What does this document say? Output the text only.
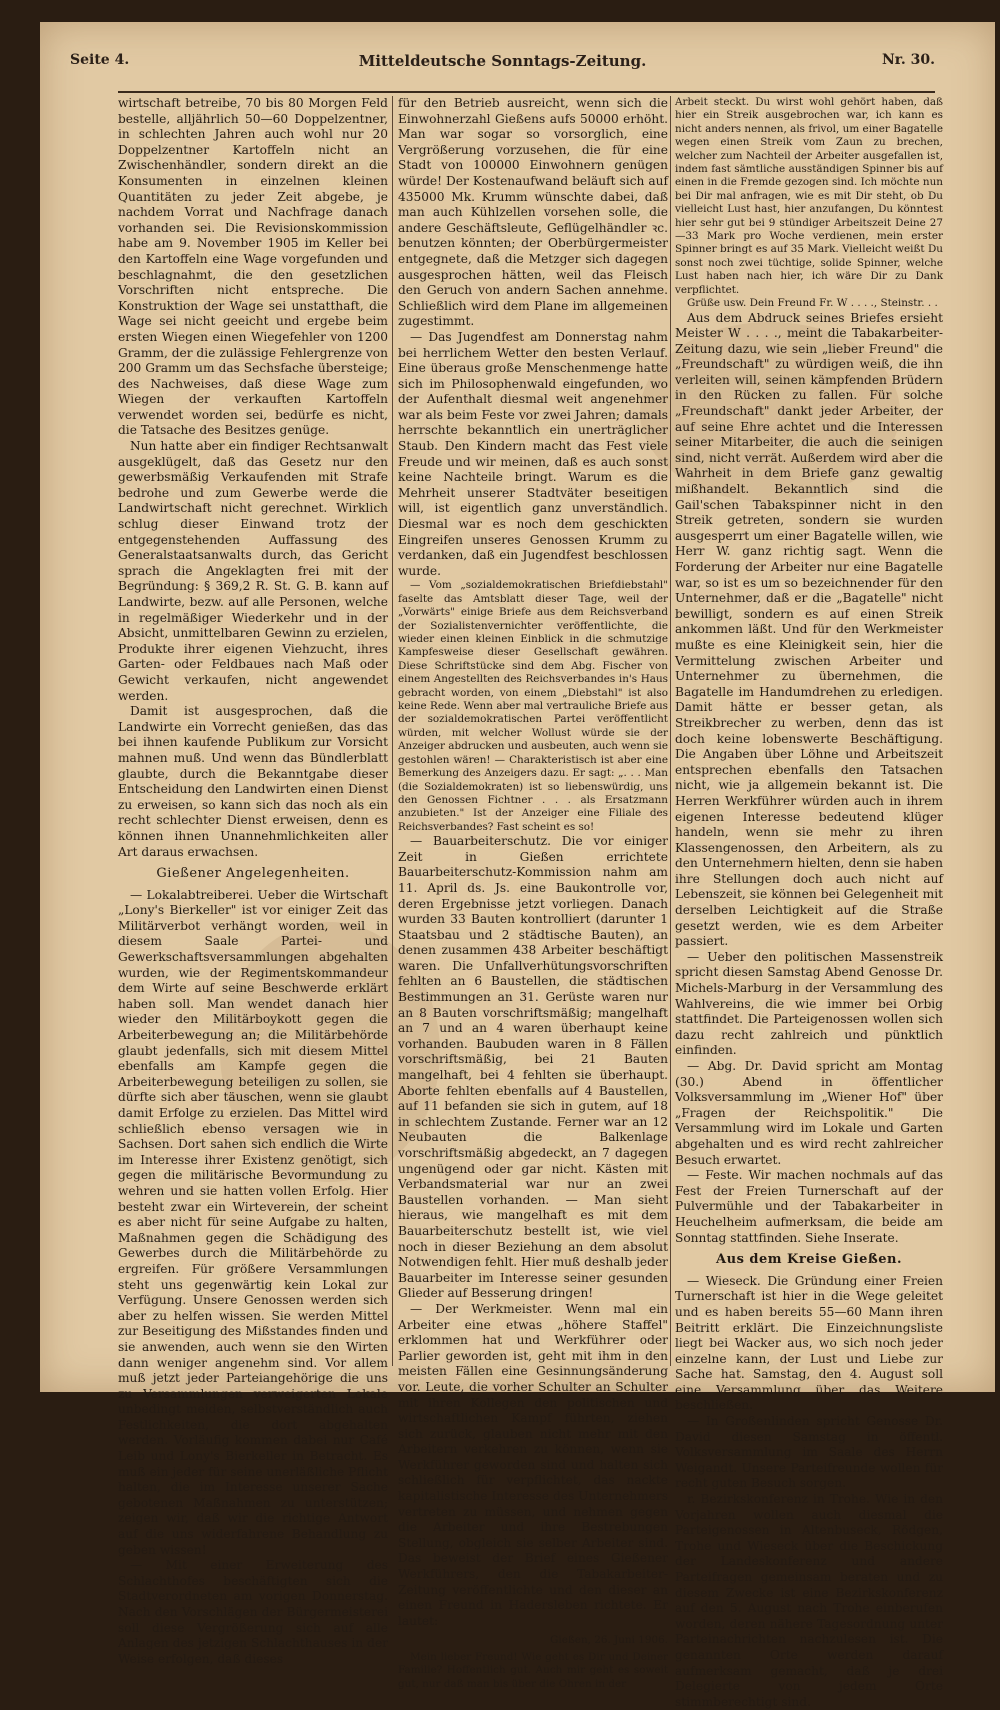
Seite 4.	Mitteldeutsche Sonntags-Zeitung.	Nr. 30.

wirtschaft betreibe, 70 bis 80 Morgen Feld bestelle, alljährlich 50—60 Doppelzentner, in schlechten Jahren auch wohl nur 20 Doppelzentner Kartoffeln nicht an Zwischenhändler, sondern direkt an die Konsumenten in einzelnen kleinen Quantitäten zu jeder Zeit abgebe, je nachdem Vorrat und Nachfrage danach vorhanden sei. Die Revisionskommission habe am 9. November 1905 im Keller bei den Kartoffeln eine Wage vorgefunden und beschlagnahmt, die den gesetzlichen Vorschriften nicht entspreche. Die Konstruktion der Wage sei unstatthaft, die Wage sei nicht geeicht und ergebe beim ersten Wiegen einen Wiegefehler von 1200 Gramm, der die zulässige Fehlergrenze von 200 Gramm um das Sechsfache übersteige; des Nachweises, daß diese Wage zum Wiegen der verkauften Kartoffeln verwendet worden sei, bedürfe es nicht, die Tatsache des Besitzes genüge.

Nun hatte aber ein findiger Rechtsanwalt ausgeklügelt, daß das Gesetz nur den gewerbsmäßig Verkaufenden mit Strafe bedrohe und zum Gewerbe werde die Landwirtschaft nicht gerechnet. Wirklich schlug dieser Einwand trotz der entgegenstehenden Auffassung des Generalstaatsanwalts durch, das Gericht sprach die Angeklagten frei mit der Begründung: § 369,2 R. St. G. B. kann auf Landwirte, bezw. auf alle Personen, welche in regelmäßiger Wiederkehr und in der Absicht, unmittelbaren Gewinn zu erzielen, Produkte ihrer eigenen Viehzucht, ihres Garten- oder Feldbaues nach Maß oder Gewicht verkaufen, nicht angewendet werden.

Damit ist ausgesprochen, daß die Landwirte ein Vorrecht genießen, das das bei ihnen kaufende Publikum zur Vorsicht mahnen muß. Und wenn das Bündlerblatt glaubte, durch die Bekanntgabe dieser Entscheidung den Landwirten einen Dienst zu erweisen, so kann sich das noch als ein recht schlechter Dienst erweisen, denn es können ihnen Unannehmlichkeiten aller Art daraus erwachsen.

Gießener Angelegenheiten.

— Lokalabtreiberei. Ueber die Wirtschaft „Lony's Bierkeller" ist vor einiger Zeit das Militärverbot verhängt worden, weil in diesem Saale Partei- und Gewerkschaftsversammlungen abgehalten wurden, wie der Regimentskommandeur dem Wirte auf seine Beschwerde erklärt haben soll. Man wendet danach hier wieder den Militärboykott gegen die Arbeiterbewegung an; die Militärbehörde glaubt jedenfalls, sich mit diesem Mittel ebenfalls am Kampfe gegen die Arbeiterbewegung beteiligen zu sollen, sie dürfte sich aber täuschen, wenn sie glaubt damit Erfolge zu erzielen. Das Mittel wird schließlich ebenso versagen wie in Sachsen. Dort sahen sich endlich die Wirte im Interesse ihrer Existenz genötigt, sich gegen die militärische Bevormundung zu wehren und sie hatten vollen Erfolg. Hier besteht zwar ein Wirteverein, der scheint es aber nicht für seine Aufgabe zu halten, Maßnahmen gegen die Schädigung des Gewerbes durch die Militärbehörde zu ergreifen. Für größere Versammlungen steht uns gegenwärtig kein Lokal zur Verfügung. Unsere Genossen werden sich aber zu helfen wissen. Sie werden Mittel zur Beseitigung des Mißstandes finden und sie anwenden, auch wenn sie den Wirten dann weniger angenehm sind. Vor allem muß jetzt jeder Parteiangehörige die uns zu Versammlungen verweigerten Lokale unbedingt meiden, selbstverständlich auch Festlichkeiten, die dort abgehalten werden. Vorläufig kommen dabei nur Café Leib und Lony's Bierkeller in Betracht. Es muß ein jeder für seine unerläßliche Pflicht halten, die im Interesse unserer Sache gebotenen Maßnahmen zu unterstützen; zeigen wir, daß wir die richtige Antwort auf die uns widerfahrene Behandlung zu geben wissen!

— Mit einer Erweiterung des Schlachthofes beschäftigten sich die Stadtverordneten am vorigen Donnerstag. Nach den Vorschlägen der Bürgermeisterei soll diese Vergrößerung sich auf alle Anlagen des jetzigen Schlachthauses in der Weise erfolgen, daß dieses

für den Betrieb ausreicht, wenn sich die Einwohnerzahl Gießens aufs 50000 erhöht. Man war sogar so vorsorglich, eine Vergrößerung vorzusehen, die für eine Stadt von 100000 Einwohnern genügen würde! Der Kostenaufwand beläuft sich auf 435000 Mk. Krumm wünschte dabei, daß man auch Kühlzellen vorsehen solle, die andere Geschäftsleute, Geflügelhändler ꝛc. benutzen könnten; der Oberbürgermeister entgegnete, daß die Metzger sich dagegen ausgesprochen hätten, weil das Fleisch den Geruch von andern Sachen annehme. Schließlich wird dem Plane im allgemeinen zugestimmt.

— Das Jugendfest am Donnerstag nahm bei herrlichem Wetter den besten Verlauf. Eine überaus große Menschenmenge hatte sich im Philosophenwald eingefunden, wo der Aufenthalt diesmal weit angenehmer war als beim Feste vor zwei Jahren; damals herrschte bekanntlich ein unerträglicher Staub. Den Kindern macht das Fest viele Freude und wir meinen, daß es auch sonst keine Nachteile bringt. Warum es die Mehrheit unserer Stadtväter beseitigen will, ist eigentlich ganz unverständlich. Diesmal war es noch dem geschickten Eingreifen unseres Genossen Krumm zu verdanken, daß ein Jugendfest beschlossen wurde.

— Vom „sozialdemokratischen Briefdiebstahl" faselte das Amtsblatt dieser Tage, weil der „Vorwärts" einige Briefe aus dem Reichsverband der Sozialistenvernichter veröffentlichte, die wieder einen kleinen Einblick in die schmutzige Kampfesweise dieser Gesellschaft gewähren. Diese Schriftstücke sind dem Abg. Fischer von einem Angestellten des Reichsverbandes in's Haus gebracht worden, von einem „Diebstahl" ist also keine Rede. Wenn aber mal vertrauliche Briefe aus der sozialdemokratischen Partei veröffentlicht würden, mit welcher Wollust würde sie der Anzeiger abdrucken und ausbeuten, auch wenn sie gestohlen wären! — Charakteristisch ist aber eine Bemerkung des Anzeigers dazu. Er sagt: „. . . Man (die Sozialdemokraten) ist so liebenswürdig, uns den Genossen Fichtner . . . als Ersatzmann anzubieten." Ist der Anzeiger eine Filiale des Reichsverbandes? Fast scheint es so!

— Bauarbeiterschutz. Die vor einiger Zeit in Gießen errichtete Bauarbeiterschutz-Kommission nahm am 11. April ds. Js. eine Baukontrolle vor, deren Ergebnisse jetzt vorliegen. Danach wurden 33 Bauten kontrolliert (darunter 1 Staatsbau und 2 städtische Bauten), an denen zusammen 438 Arbeiter beschäftigt waren. Die Unfallverhütungsvorschriften fehlten an 6 Baustellen, die städtischen Bestimmungen an 31. Gerüste waren nur an 8 Bauten vorschriftsmäßig; mangelhaft an 7 und an 4 waren überhaupt keine vorhanden. Baubuden waren in 8 Fällen vorschriftsmäßig, bei 21 Bauten mangelhaft, bei 4 fehlten sie überhaupt. Aborte fehlten ebenfalls auf 4 Baustellen, auf 11 befanden sie sich in gutem, auf 18 in schlechtem Zustande. Ferner war an 12 Neubauten die Balkenlage vorschriftsmäßig abgedeckt, an 7 dagegen ungenügend oder gar nicht. Kästen mit Verbandsmaterial war nur an zwei Baustellen vorhanden. — Man sieht hieraus, wie mangelhaft es mit dem Bauarbeiterschutz bestellt ist, wie viel noch in dieser Beziehung an dem absolut Notwendigen fehlt. Hier muß deshalb jeder Bauarbeiter im Interesse seiner gesunden Glieder auf Besserung dringen!

— Der Werkmeister. Wenn mal ein Arbeiter eine etwas „höhere Staffel" erklommen hat und Werkführer oder Parlier geworden ist, geht mit ihm in den meisten Fällen eine Gesinnungsänderung vor. Leute, die vorher Schulter an Schulter mit ihren Kollegen den politischen und wirtschaftlichen Kampf führten, ziehen sich zurück, glauben nicht mehr mit den Arbeitern verkehren zu können, wenn sie Werkführer geworden sind und halten sich schließlich für verpflichtet, das nackte kapitalistische Interesse des Unternehmers vertreten zu müssen, und nehmen gegen die Arbeiter und ihre Bestrebungen Stellung, obgleich sie selber Arbeiter sind. Das beweist der Brief eines Gießener Werkführers, den die Tabakarbeiter-Zeitung veröffentlichte und den dieser an einen Freund in Hadersleben richtete. Er lautet:

Gießen, 26. Juni 1906.

Mein lieber Freund! Wie geht es Dir und Deiner Familie? Hoffentlich gut. Auch mir geht es soweit gut, nur daß man bis über die Ohren in der

Arbeit steckt. Du wirst wohl gehört haben, daß hier ein Streik ausgebrochen war, ich kann es nicht anders nennen, als frivol, um einer Bagatelle wegen einen Streik vom Zaun zu brechen, welcher zum Nachteil der Arbeiter ausgefallen ist, indem fast sämtliche ausständigen Spinner bis auf einen in die Fremde gezogen sind. Ich möchte nun bei Dir mal anfragen, wie es mit Dir steht, ob Du vielleicht Lust hast, hier anzufangen, Du könntest hier sehr gut bei 9 stündiger Arbeitszeit Deine 27—33 Mark pro Woche verdienen, mein erster Spinner bringt es auf 35 Mark. Vielleicht weißt Du sonst noch zwei tüchtige, solide Spinner, welche Lust haben nach hier, ich wäre Dir zu Dank verpflichtet.

Grüße usw. Dein Freund Fr. W . . . ., Steinstr. . .

Aus dem Abdruck seines Briefes ersieht Meister W . . . ., meint die Tabakarbeiter-Zeitung dazu, wie sein „lieber Freund" die „Freundschaft" zu würdigen weiß, die ihn verleiten will, seinen kämpfenden Brüdern in den Rücken zu fallen. Für solche „Freundschaft" dankt jeder Arbeiter, der auf seine Ehre achtet und die Interessen seiner Mitarbeiter, die auch die seinigen sind, nicht verrät. Außerdem wird aber die Wahrheit in dem Briefe ganz gewaltig mißhandelt. Bekanntlich sind die Gail'schen Tabakspinner nicht in den Streik getreten, sondern sie wurden ausgesperrt um einer Bagatelle willen, wie Herr W. ganz richtig sagt. Wenn die Forderung der Arbeiter nur eine Bagatelle war, so ist es um so bezeichnender für den Unternehmer, daß er die „Bagatelle" nicht bewilligt, sondern es auf einen Streik ankommen läßt. Und für den Werkmeister mußte es eine Kleinigkeit sein, hier die Vermittelung zwischen Arbeiter und Unternehmer zu übernehmen, die Bagatelle im Handumdrehen zu erledigen. Damit hätte er besser getan, als Streikbrecher zu werben, denn das ist doch keine lobenswerte Beschäftigung. Die Angaben über Löhne und Arbeitszeit entsprechen ebenfalls den Tatsachen nicht, wie ja allgemein bekannt ist. Die Herren Werkführer würden auch in ihrem eigenen Interesse bedeutend klüger handeln, wenn sie mehr zu ihren Klassengenossen, den Arbeitern, als zu den Unternehmern hielten, denn sie haben ihre Stellungen doch auch nicht auf Lebenszeit, sie können bei Gelegenheit mit derselben Leichtigkeit auf die Straße gesetzt werden, wie es dem Arbeiter passiert.

— Ueber den politischen Massenstreik spricht diesen Samstag Abend Genosse Dr. Michels-Marburg in der Versammlung des Wahlvereins, die wie immer bei Orbig stattfindet. Die Parteigenossen wollen sich dazu recht zahlreich und pünktlich einfinden.

— Abg. Dr. David spricht am Montag (30.) Abend in öffentlicher Volksversammlung im „Wiener Hof" über „Fragen der Reichspolitik." Die Versammlung wird im Lokale und Garten abgehalten und es wird recht zahlreicher Besuch erwartet.

— Feste. Wir machen nochmals auf das Fest der Freien Turnerschaft auf der Pulvermühle und der Tabakarbeiter in Heuchelheim aufmerksam, die beide am Sonntag stattfinden. Siehe Inserate.

Aus dem Kreise Gießen.

— Wieseck. Die Gründung einer Freien Turnerschaft ist hier in die Wege geleitet und es haben bereits 55—60 Mann ihren Beitritt erklärt. Die Einzeichnungsliste liegt bei Wacker aus, wo sich noch jeder einzelne kann, der Lust und Liebe zur Sache hat. Samstag, den 4. August soll eine Versammlung über das Weitere beschließen.

— In Großenlinden spricht Genosse Dr. David diesen Samstag in öffentl. Volksversammlung im Saale des Herrn Weigandt. Unsere Parteifreunde wollen für recht guten Besuch sorgen.

r. Bezirkskonferenz in Trohe. Wie in den Vorjahren wollen auch diesmal die Parteigenossen in Altenbuseck, Rödgen, Trohe und Wieseck über die Beschickung der Landeskonferenz und andere Parteifragen gemeinsam beraten und zu diesem Zwecke ist eine Bezirkskonferenz auf den 5. August nach Trohe einberufen worden, deren nähere Tagesordnung unter Parteinachrichten nachzulesen ist. Die genannten Orte werden darauf aufmerksam gemacht, daß je drei Delegierte von jedem Orte stimmberechtigt sind.
